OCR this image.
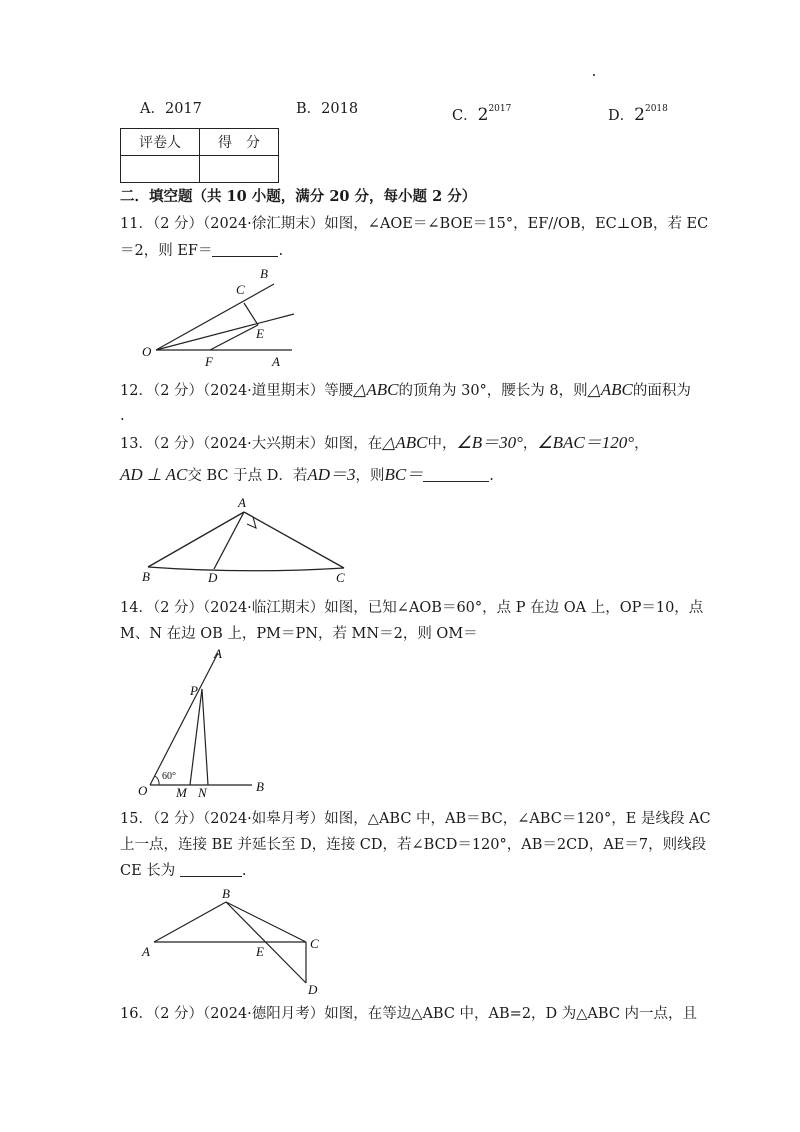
A．2017	B．2018	C．$2^{2017}$	D．$2^{2018}$
评卷人	得　分

二．填空题（共 10 小题，满分 20 分，每小题 2 分）
11．（2 分）（2024·徐汇期末）如图，∠AOE＝∠BOE＝15°，EF//OB，EC⊥OB，若 EC
＝2，则 EF＝	.
B
C
E
O
F	A
12．（2 分）（2024·道里期末）等腰△ABC的顶角为 30°，腰长为 8，则△ABC的面积为
.
13．（2 分）（2024·大兴期末）如图，在△ABC中，∠B＝30°，∠BAC＝120°，
AD ⊥ AC交 BC 于点 D．若AD＝3，则BC＝	.
A
B	D	C
14．（2 分）（2024·临江期末）如图，已知∠AOB＝60°，点 P 在边 OA 上，OP＝10，点
M、N 在边 OB 上，PM＝PN，若 MN＝2，则 OM＝
A
P
O M N	B
60°
15．（2 分）（2024·如皋月考）如图，△ABC 中，AB＝BC，∠ABC＝120°，E 是线段 AC
上一点，连接 BE 并延长至 D，连接 CD，若∠BCD＝120°，AB＝2CD，AE＝7，则线段
CE 长为	.
B
A	E
C
D
16．（2 分）（2024·德阳月考）如图，在等边△ABC 中，AB=2，D 为△ABC 内一点，且
